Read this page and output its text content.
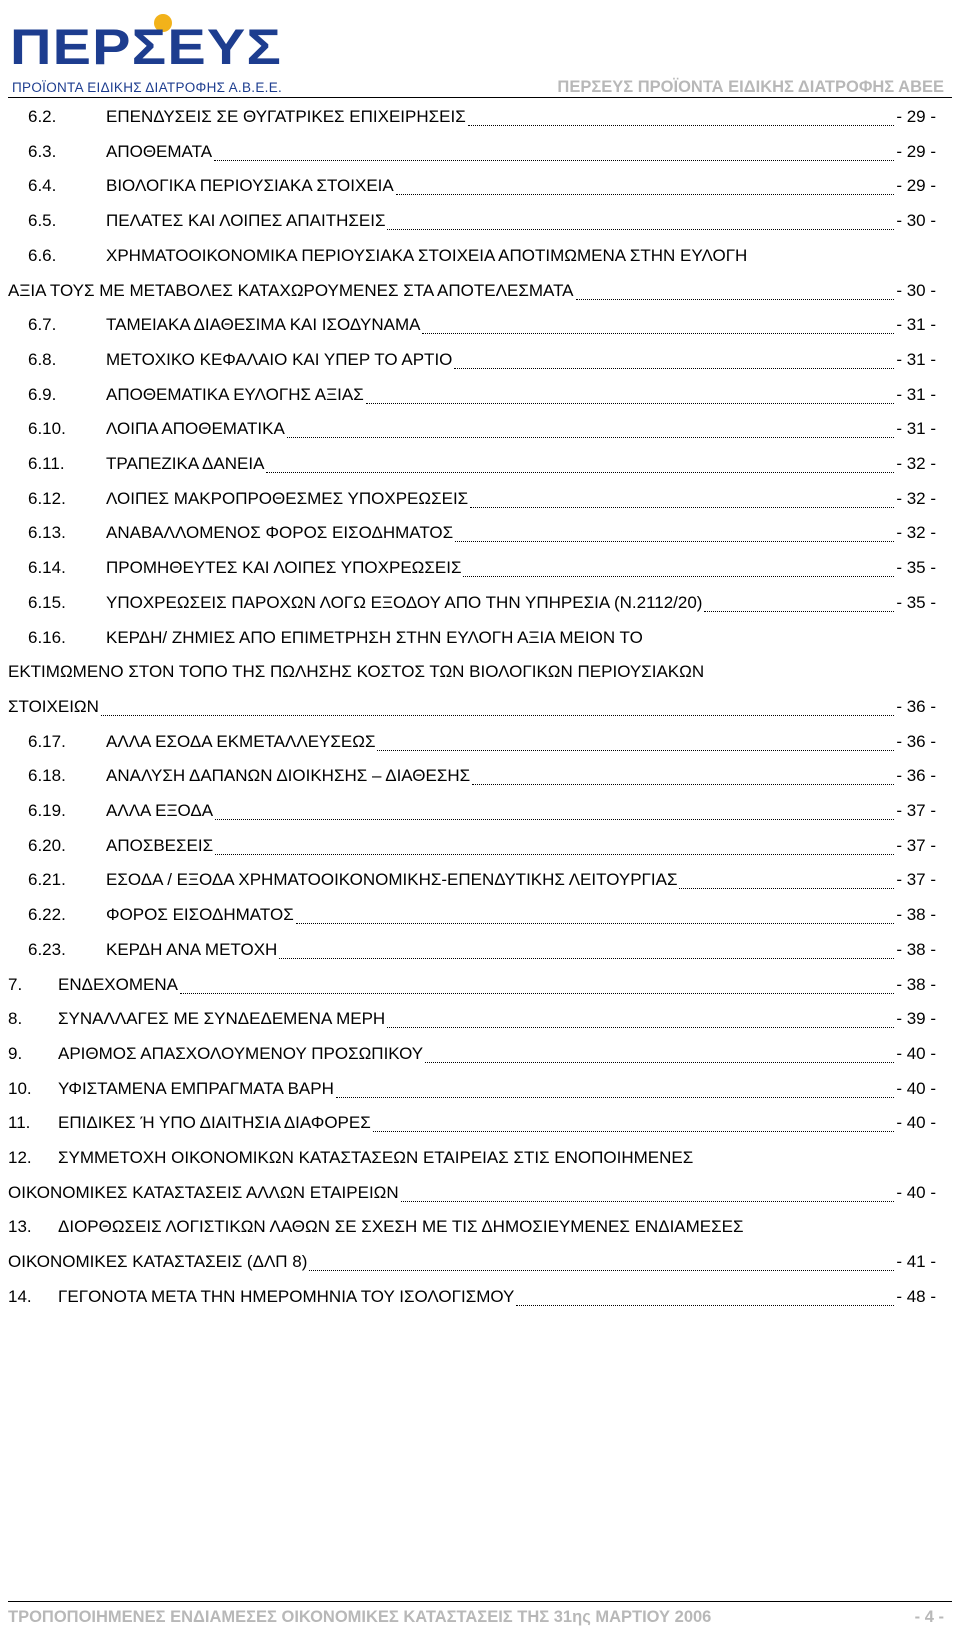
ΠΕΡΣΕΥΣ
ΠΡΟΪΟΝΤΑ ΕΙΔΙΚΗΣ ΔΙΑΤΡΟΦΗΣ Α.Β.Ε.Ε.	ΠΕΡΣΕΥΣ ΠΡΟΪΟΝΤΑ ΕΙΔΙΚΗΣ ΔΙΑΤΡΟΦΗΣ ΑΒΕΕ
6.2.	ΕΠΕΝΔΥΣΕΙΣ ΣΕ ΘΥΓΑΤΡΙΚΕΣ ΕΠΙΧΕΙΡΗΣΕΙΣ	- 29 -
6.3.	ΑΠΟΘΕΜΑΤΑ	- 29 -
6.4.	ΒΙΟΛΟΓΙΚΑ ΠΕΡΙΟΥΣΙΑΚΑ ΣΤΟΙΧΕΙΑ	- 29 -
6.5.	ΠΕΛΑΤΕΣ ΚΑΙ ΛΟΙΠΕΣ ΑΠΑΙΤΗΣΕΙΣ	- 30 -
6.6.	ΧΡΗΜΑΤΟΟΙΚΟΝΟΜΙΚΑ ΠΕΡΙΟΥΣΙΑΚΑ ΣΤΟΙΧΕΙΑ ΑΠΟΤΙΜΩΜΕΝΑ ΣΤΗΝ ΕΥΛΟΓΗ
ΑΞΙΑ ΤΟΥΣ ΜΕ ΜΕΤΑΒΟΛΕΣ ΚΑΤΑΧΩΡΟΥΜΕΝΕΣ ΣΤΑ ΑΠΟΤΕΛΕΣΜΑΤΑ	- 30 -
6.7.	ΤΑΜΕΙΑΚΑ ΔΙΑΘΕΣΙΜΑ ΚΑΙ ΙΣΟΔΥΝΑΜΑ	- 31 -
6.8.	ΜΕΤΟΧΙΚΟ ΚΕΦΑΛΑΙΟ ΚΑΙ ΥΠΕΡ ΤΟ ΑΡΤΙΟ	- 31 -
6.9.	ΑΠΟΘΕΜΑΤΙΚΑ ΕΥΛΟΓΗΣ ΑΞΙΑΣ	- 31 -
6.10. ΛΟΙΠΑ ΑΠΟΘΕΜΑΤΙΚΑ	- 31 -
6.11. ΤΡΑΠΕΖΙΚΑ ΔΑΝΕΙΑ	- 32 -
6.12. ΛΟΙΠΕΣ ΜΑΚΡΟΠΡΟΘΕΣΜΕΣ ΥΠΟΧΡΕΩΣΕΙΣ	- 32 -
6.13. ΑΝΑΒΑΛΛΟΜΕΝΟΣ ΦΟΡΟΣ ΕΙΣΟΔΗΜΑΤΟΣ	- 32 -
6.14. ΠΡΟΜΗΘΕΥΤΕΣ ΚΑΙ ΛΟΙΠΕΣ ΥΠΟΧΡΕΩΣΕΙΣ	- 35 -
6.15. ΥΠΟΧΡΕΩΣΕΙΣ ΠΑΡΟΧΩΝ ΛΟΓΩ ΕΞΟΔΟΥ ΑΠΟ ΤΗΝ ΥΠΗΡΕΣΙΑ (Ν.2112/20)	- 35 -
6.16. ΚΕΡΔΗ/ ΖΗΜΙΕΣ ΑΠΟ ΕΠΙΜΕΤΡΗΣΗ ΣΤΗΝ ΕΥΛΟΓΗ ΑΞΙΑ ΜΕΙΟΝ ΤΟ
ΕΚΤΙΜΩΜΕΝΟ ΣΤΟΝ ΤΟΠΟ ΤΗΣ ΠΩΛΗΣΗΣ ΚΟΣΤΟΣ ΤΩΝ ΒΙΟΛΟΓΙΚΩΝ ΠΕΡΙΟΥΣΙΑΚΩΝ
ΣΤΟΙΧΕΙΩΝ	- 36 -
6.17. ΑΛΛΑ ΕΣΟΔΑ ΕΚΜΕΤΑΛΛΕΥΣΕΩΣ	- 36 -
6.18. ΑΝΑΛΥΣΗ ΔΑΠΑΝΩΝ ΔΙΟΙΚΗΣΗΣ – ΔΙΑΘΕΣΗΣ	- 36 -
6.19. ΑΛΛΑ ΕΞΟΔΑ	- 37 -
6.20. ΑΠΟΣΒΕΣΕΙΣ	- 37 -
6.21. ΕΣΟΔΑ / ΕΞΟΔΑ ΧΡΗΜΑΤΟΟΙΚΟΝΟΜΙΚΗΣ-ΕΠΕΝΔΥΤΙΚΗΣ ΛΕΙΤΟΥΡΓΙΑΣ	- 37 -
6.22. ΦΟΡΟΣ ΕΙΣΟΔΗΜΑΤΟΣ	- 38 -
6.23. ΚΕΡΔΗ ΑΝΑ ΜΕΤΟΧΗ	- 38 -
7. ΕΝΔΕΧΟΜΕΝΑ	- 38 -
8. ΣΥΝΑΛΛΑΓΕΣ ΜΕ ΣΥΝΔΕΔΕΜΕΝΑ ΜΕΡΗ	- 39 -
9. ΑΡΙΘΜΟΣ ΑΠΑΣΧΟΛΟΥΜΕΝΟΥ ΠΡΟΣΩΠΙΚΟΥ	- 40 -
10. ΥΦΙΣΤΑΜΕΝΑ ΕΜΠΡΑΓΜΑΤΑ ΒΑΡΗ	- 40 -
11. ΕΠΙΔΙΚΕΣ Ή ΥΠΟ ΔΙΑΙΤΗΣΙΑ ΔΙΑΦΟΡΕΣ	- 40 -
12. ΣΥΜΜΕΤΟΧΗ ΟΙΚΟΝΟΜΙΚΩΝ ΚΑΤΑΣΤΑΣΕΩΝ ΕΤΑΙΡΕΙΑΣ ΣΤΙΣ ΕΝΟΠΟΙΗΜΕΝΕΣ
ΟΙΚΟΝΟΜΙΚΕΣ ΚΑΤΑΣΤΑΣΕΙΣ ΑΛΛΩΝ ΕΤΑΙΡΕΙΩΝ	- 40 -
13. ΔΙΟΡΘΩΣΕΙΣ ΛΟΓΙΣΤΙΚΩΝ ΛΑΘΩΝ ΣΕ ΣΧΕΣΗ ΜΕ ΤΙΣ ΔΗΜΟΣΙΕΥΜΕΝΕΣ ΕΝΔΙΑΜΕΣΕΣ
ΟΙΚΟΝΟΜΙΚΕΣ ΚΑΤΑΣΤΑΣΕΙΣ (ΔΛΠ 8)	- 41 -
14. ΓΕΓΟΝΟΤΑ ΜΕΤΑ ΤΗΝ ΗΜΕΡΟΜΗΝΙΑ ΤΟΥ ΙΣΟΛΟΓΙΣΜΟΥ	- 48 -
ΤΡΟΠΟΠΟΙΗΜΕΝΕΣ ΕΝΔΙΑΜΕΣΕΣ ΟΙΚΟΝΟΜΙΚΕΣ ΚΑΤΑΣΤΑΣΕΙΣ ΤΗΣ 31ης ΜΑΡΤΙΟΥ 2006	- 4 -
